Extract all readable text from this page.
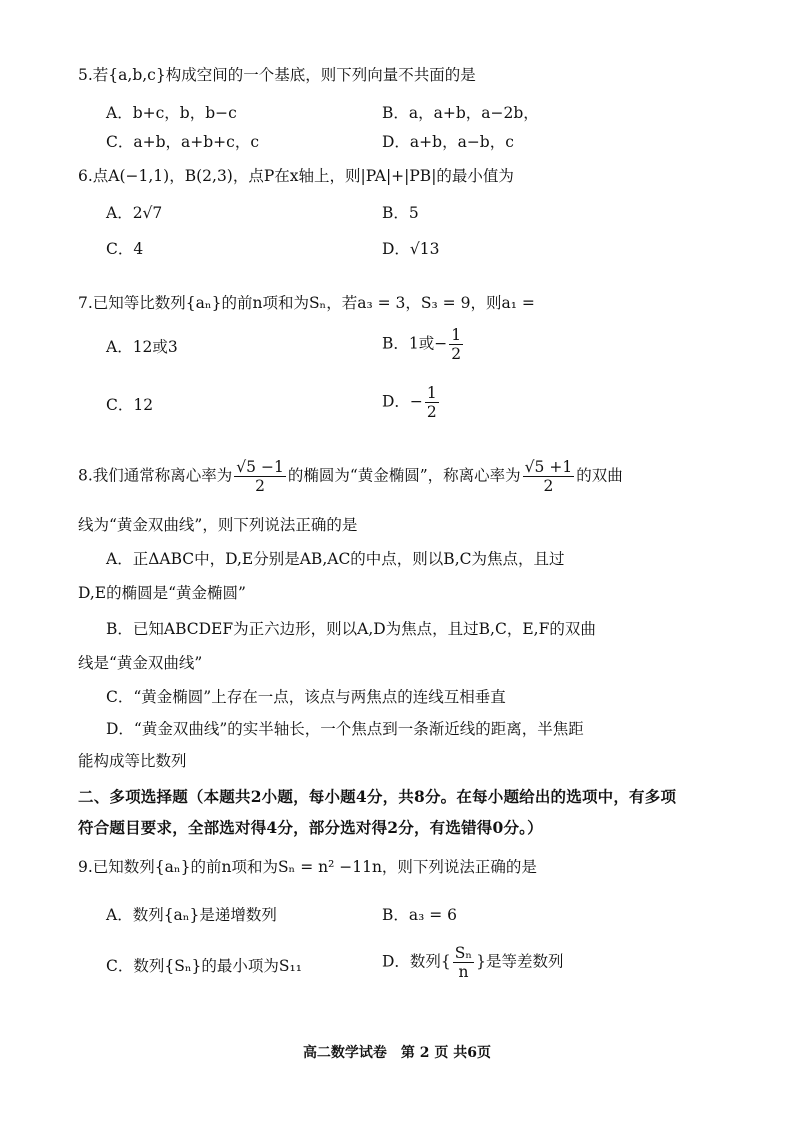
5.若{a,b,c}构成空间的一个基底，则下列向量不共面的是
A．b+c，b，b−c	B．a，a+b，a−2b，
C．a+b，a+b+c，c	D．a+b，a−b，c
6.点A(−1,1)，B(2,3)，点P在x轴上，则|PA|+|PB|的最小值为
A．2√7	B．5
C．4	D．√13
7.已知等比数列{aₙ}的前n项和为Sₙ，若a₃ = 3，S₃ = 9，则a₁ =
A．12或3	B．1或− $\frac{1}{2}$
C．12	D．− $\frac{1}{2}$
8.我们通常称离心率为 $\frac{√5 -1}{2}$ 的椭圆为“黄金椭圆”，称离心率为 $\frac{√5 +1}{2}$ 的双曲
线为“黄金双曲线”，则下列说法正确的是
A．正ΔABC中，D,E分别是AB,AC的中点，则以B,C为焦点，且过
D,E的椭圆是“黄金椭圆”
B．已知ABCDEF为正六边形，则以A,D为焦点，且过B,C，E,F的双曲
线是“黄金双曲线”
C．“黄金椭圆”上存在一点，该点与两焦点的连线互相垂直
D．“黄金双曲线”的实半轴长，一个焦点到一条渐近线的距离，半焦距
能构成等比数列
二、多项选择题（本题共2小题，每小题4分，共8分。在每小题给出的选项中，有多项
符合题目要求，全部选对得4分，部分选对得2分，有选错得0分。）
9.已知数列{aₙ}的前n项和为Sₙ = n² −11n，则下列说法正确的是
A．数列{aₙ}是递增数列	B．a₃ = 6
C．数列{Sₙ}的最小项为S₁₁	D．数列{ $\frac{\text{Sₙ}}{n}$ }是等差数列
高二数学试卷　第 2 页 共6页
